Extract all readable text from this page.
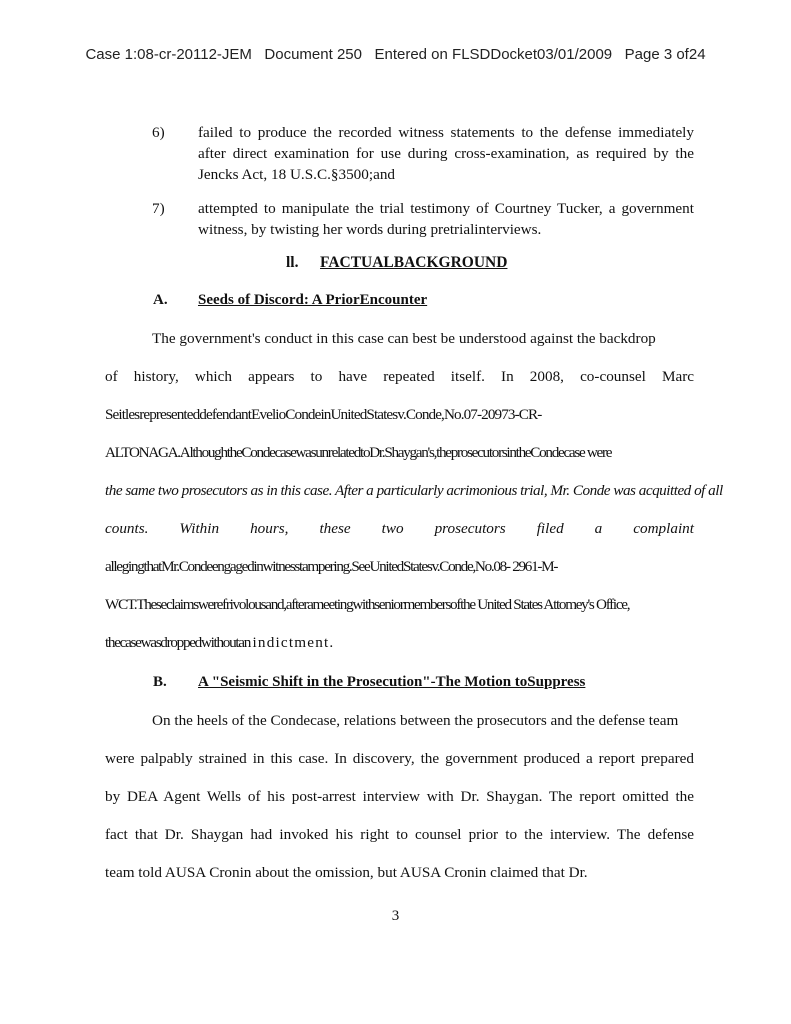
Case 1:08-cr-20112-JEM   Document 250   Entered on FLSDDocket03/01/2009   Page 3 of24
6) failed to produce the recorded witness statements to the defense immediately after direct examination for use during cross-examination, as required by the Jencks Act, 18 U.S.C.§3500;and
7) attempted to manipulate the trial testimony of Courtney Tucker, a government witness, by twisting her words during pretrialinterviews.
ll. FACTUALBACKGROUND
A. Seeds of Discord: A PriorEncounter
The government's conduct in this case can best be understood against the backdrop
of history, which appears to have repeated itself. In 2008, co-counsel Marc
SeitlesrepresenteddefendantEvelioCondeinUnitedStatesv.Conde,No.07-20973-CR-
ALTONAGA.AlthoughtheCondecasewasunrelatedtoDr.Shaygan's,theprosecutorsintheCondecase were
the same two prosecutors as in this case. After a particularly acrimonious trial, Mr. Conde was acquitted of all
counts. Within hours, these two prosecutors filed a complaint
allegingthatMr.Condeengagedinwitnesstampering.SeeUnitedStatesv.Conde,No.08- 2961-M-
WCT.Theseclaimswerefrivolousand,afterameetingwithseniormembersofthe United States Attomey's Office,
thecasewasdroppedwithoutan i n d i c t m e n t .
B. A "Seismic Shift in the Prosecution"-The Motion toSuppress
On the heels of the Condecase, relations between the prosecutors and the defense team
were palpably strained in this case. In discovery, the government produced a report prepared
by DEA Agent Wells of his post-arrest interview with Dr. Shaygan. The report omitted the
fact that Dr. Shaygan had invoked his right to counsel prior to the interview. The defense
team told AUSA Cronin about the omission, but AUSA Cronin claimed that Dr.
3
